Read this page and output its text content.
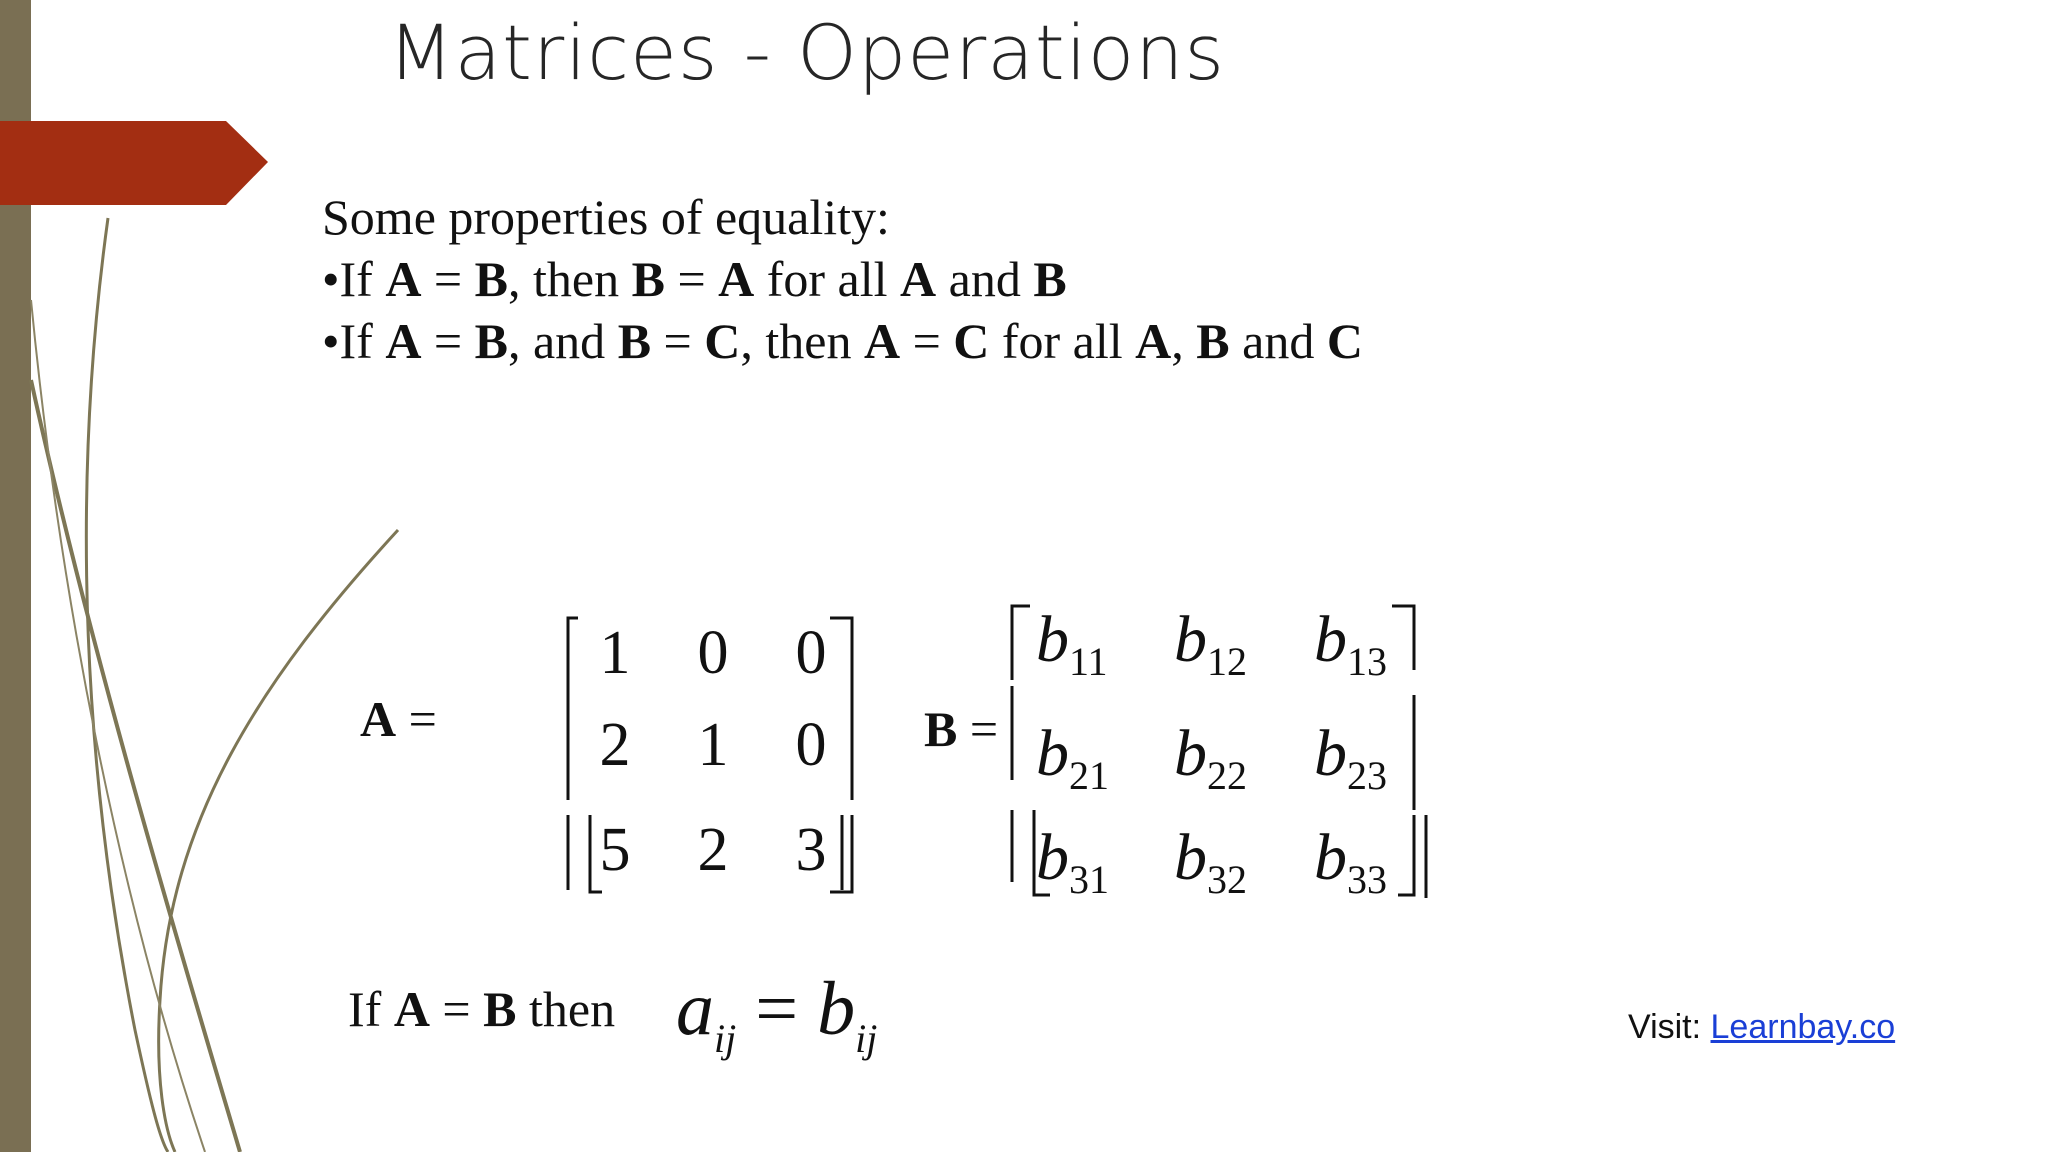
Matrices - Operations
Some properties of equality:
•If A = B, then B = A for all A and B
•If A = B, and B = C, then A = C for all A, B and C
A =
1	0	0
2	1	0
5	2	3
B =
$b_{11}$	$b_{12}$	$b_{13}$
$b_{21}$ $b_{22}$	$b_{23}$
$b_{31}$ $b_{32}$	$b_{33}$
If A = B then $a_{ij} = b_{ij}$	Visit: Learnbay.co
